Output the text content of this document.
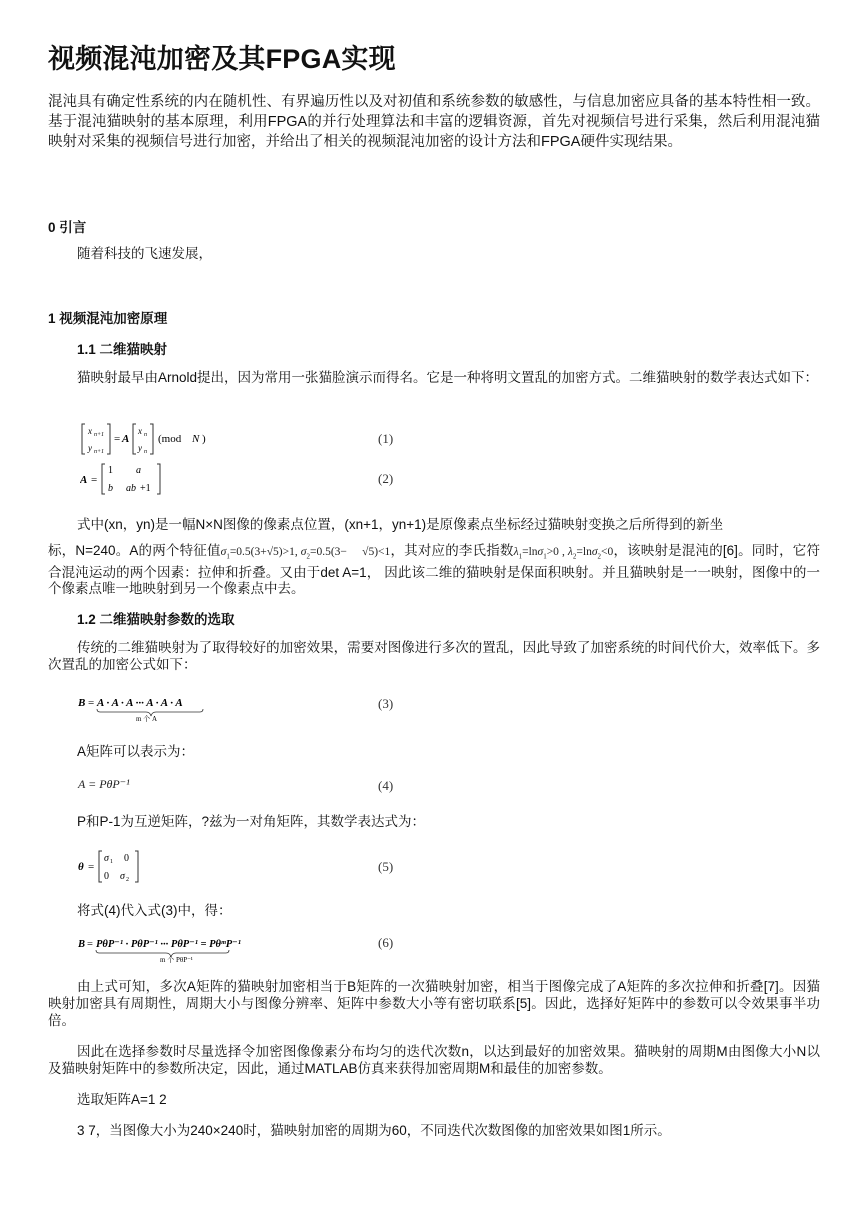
视频混沌加密及其FPGA实现
混沌具有确定性系统的内在随机性、有界遍历性以及对初值和系统参数的敏感性，与信息加密应具备的基本特性相一致。基于混沌猫映射的基本原理，利用FPGA的并行处理算法和丰富的逻辑资源，首先对视频信号进行采集，然后利用混沌猫映射对采集的视频信号进行加密，并给出了相关的视频混沌加密的设计方法和FPGA硬件实现结果。
0 引言
随着科技的飞速发展，
1 视频混沌加密原理
1.1 二维猫映射
猫映射最早由Arnold提出，因为常用一张猫脸演示而得名。它是一种将明文置乱的加密方式。二维猫映射的数学表达式如下：
x n+1
y n+1
= A
x n
y n
(mod N )	(1)
A =
1 a
b ab +1
(2)
式中(xn，yn)是一幅N×N图像的像素点位置，(xn+1，yn+1)是原像素点坐标经过猫映射变换之后所得到的新坐
标，N=240。A的两个特征值$\sigma_1=0.5(3+√5)>1$, $\sigma_2=0.5(3-$     √5)<1，其对应的李氏指数$\lambda_1=\ln\sigma_1>0$ , $\lambda_2=\ln\sigma_2<0$，该映射是混沌的[6]。同时，它符合混沌运动的两个因素：拉伸和折叠。又由于det A=1， 因此该二维的猫映射是保面积映射。并且猫映射是一一映射，图像中的一个像素点唯一地映射到另一个像素点中去。
1.2 二维猫映射参数的选取
传统的二维猫映射为了取得较好的加密效果，需要对图像进行多次的置乱，因此导致了加密系统的时间代价大，效率低下。多次置乱的加密公式如下：
B = A · A · A ··· A · A · A
m 个 A
(3)
A矩阵可以表示为：
A = PθP⁻¹	(4)
P和P-1为互逆矩阵，?兹为一对角矩阵，其数学表达式为：
θ =
σ 1 0
0 σ 2
(5)
将式(4)代入式(3)中，得：
B = PθP⁻¹ · PθP⁻¹ ··· PθP⁻¹ = PθᵐP⁻¹
m 个 PθP⁻¹
(6)
由上式可知，多次A矩阵的猫映射加密相当于B矩阵的一次猫映射加密，相当于图像完成了A矩阵的多次拉伸和折叠[7]。因猫映射加密具有周期性，周期大小与图像分辨率、矩阵中参数大小等有密切联系[5]。因此，选择好矩阵中的参数可以令效果事半功倍。
因此在选择参数时尽量选择令加密图像像素分布均匀的迭代次数n，以达到最好的加密效果。猫映射的周期M由图像大小N以及猫映射矩阵中的参数所决定，因此，通过MATLAB仿真来获得加密周期M和最佳的加密参数。
选取矩阵A=1 2
3 7，当图像大小为240×240时，猫映射加密的周期为60，不同迭代次数图像的加密效果如图1所示。
